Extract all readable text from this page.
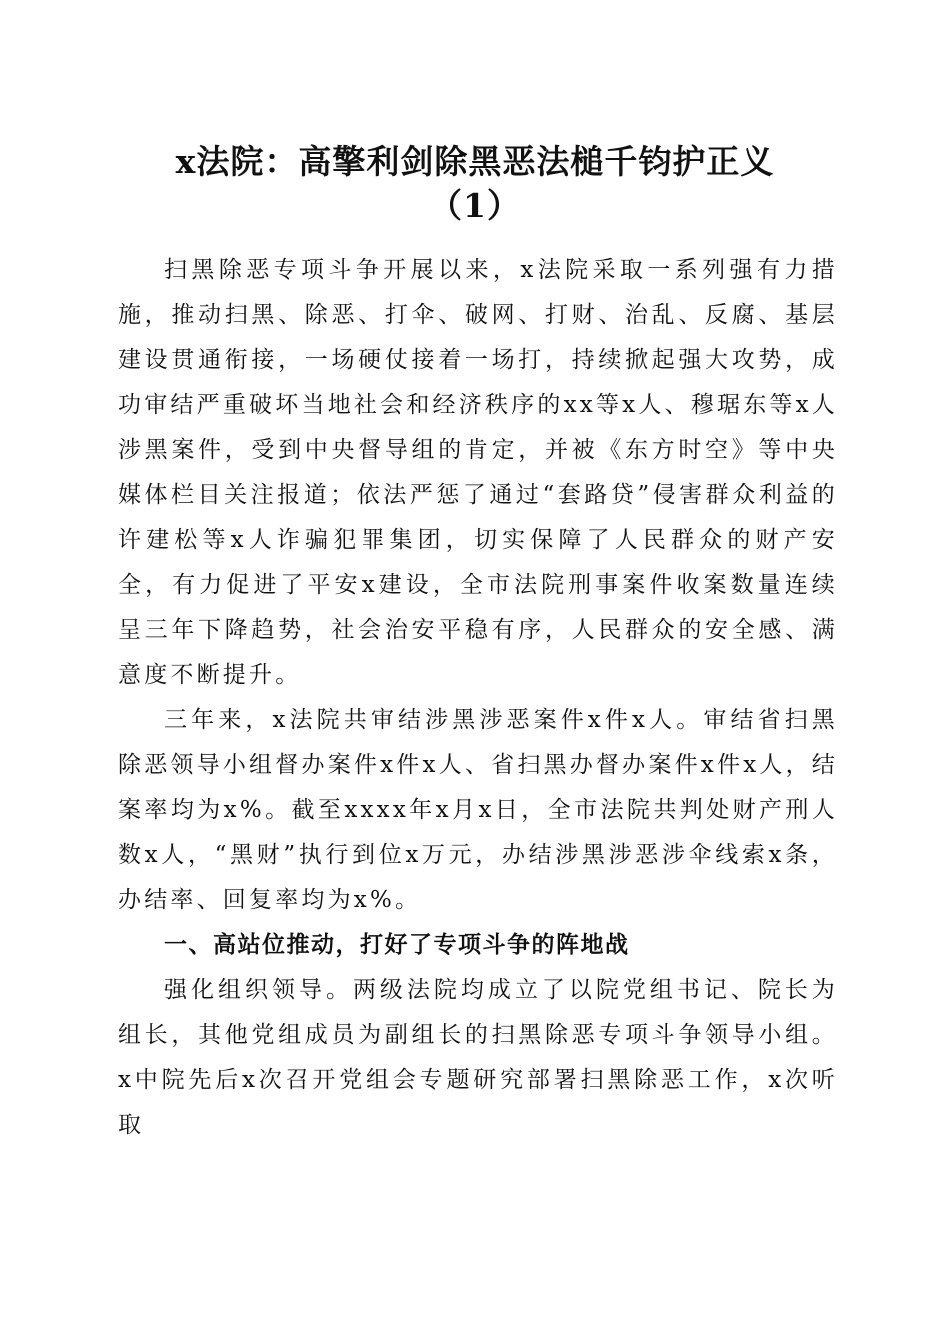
x法院：高擎利剑除黑恶法槌千钧护正义
（1）

扫黑除恶专项斗争开展以来，x法院采取一系列强有力措施，推动扫黑、除恶、打伞、破网、打财、治乱、反腐、基层建设贯通衔接，一场硬仗接着一场打，持续掀起强大攻势，成功审结严重破坏当地社会和经济秩序的xx等x人、穆琚东等x人涉黑案件，受到中央督导组的肯定，并被《东方时空》等中央媒体栏目关注报道；依法严惩了通过“套路贷”侵害群众利益的许建松等x人诈骗犯罪集团，切实保障了人民群众的财产安全，有力促进了平安x建设，全市法院刑事案件收案数量连续呈三年下降趋势，社会治安平稳有序，人民群众的安全感、满意度不断提升。

三年来，x法院共审结涉黑涉恶案件x件x人。审结省扫黑除恶领导小组督办案件x件x人、省扫黑办督办案件x件x人，结案率均为x%。截至xxxx年x月x日，全市法院共判处财产刑人数x人，“黑财”执行到位x万元，办结涉黑涉恶涉伞线索x条，办结率、回复率均为x%。

一、高站位推动，打好了专项斗争的阵地战

强化组织领导。两级法院均成立了以院党组书记、院长为组长，其他党组成员为副组长的扫黑除恶专项斗争领导小组。x中院先后x次召开党组会专题研究部署扫黑除恶工作，x次听取
